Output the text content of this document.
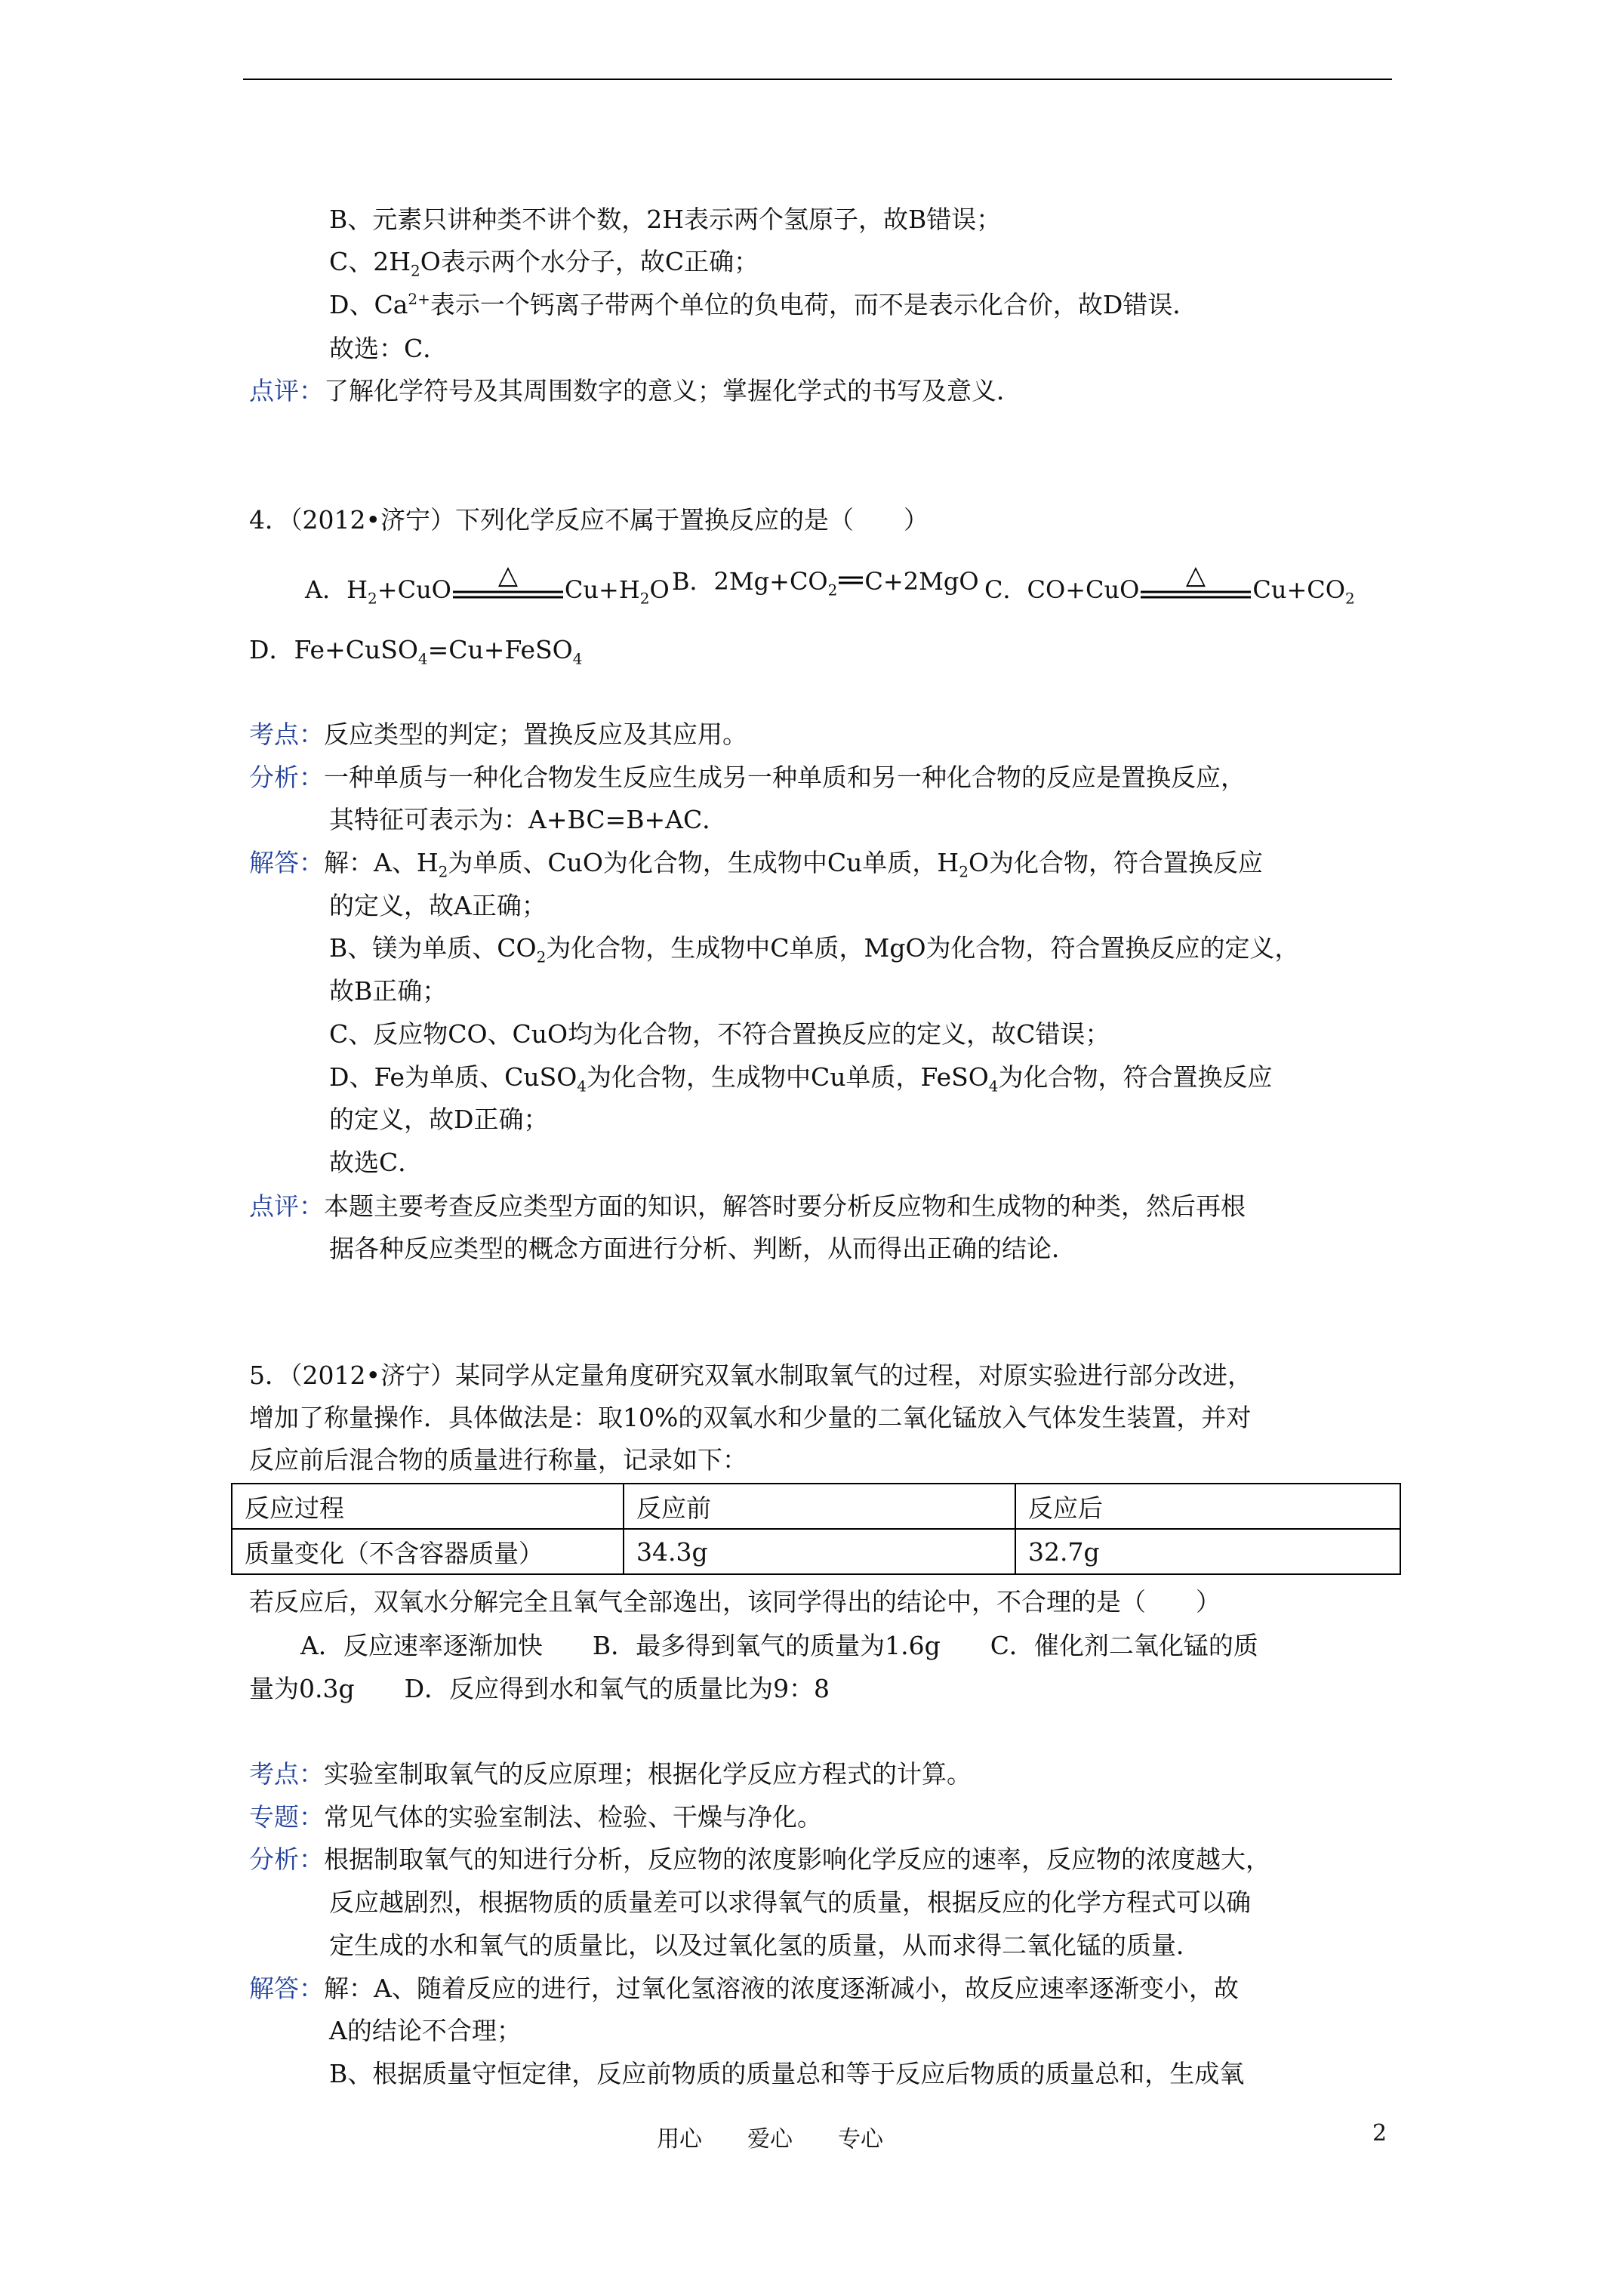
B、元素只讲种类不讲个数，2H表示两个氢原子，故B错误；
C、$2H_2O$表示两个水分子，故C正确；
D、$Ca^{2+}$表示一个钙离子带两个单位的负电荷，而不是表示化合价，故D错误．
故选：C．
点评：了解化学符号及其周围数字的意义；掌握化学式的书写及意义．
4．（2012•济宁）下列化学反应不属于置换反应的是（　　）
A．$H_2+CuO$ △ $Cu+H_2O$ B．$2Mg+CO_2$ C+2MgO C．CO+CuO △ $Cu+CO_2$
D．Fe+CuSO$_4$=Cu+FeSO$_4$
考点：反应类型的判定；置换反应及其应用。
分析：一种单质与一种化合物发生反应生成另一种单质和另一种化合物的反应是置换反应，
其特征可表示为：A+BC=B+AC．
解答：解：A、$H_2$为单质、CuO为化合物，生成物中Cu单质，$H_2O$为化合物，符合置换反应
的定义，故A正确；
B、镁为单质、$CO_2$为化合物，生成物中C单质，MgO为化合物，符合置换反应的定义，
故B正确；
C、反应物CO、CuO均为化合物，不符合置换反应的定义，故C错误；
D、Fe为单质、CuSO$_4$为化合物，生成物中Cu单质，FeSO$_4$为化合物，符合置换反应
的定义，故D正确；
故选C．
点评：本题主要考查反应类型方面的知识，解答时要分析反应物和生成物的种类，然后再根
据各种反应类型的概念方面进行分析、判断，从而得出正确的结论．
5．（2012•济宁）某同学从定量角度研究双氧水制取氧气的过程，对原实验进行部分改进，
增加了称量操作．具体做法是：取10%的双氧水和少量的二氧化锰放入气体发生装置，并对
反应前后混合物的质量进行称量，记录如下：
反应过程	反应前	反应后
质量变化（不含容器质量）	34.3g	32.7g
若反应后，双氧水分解完全且氧气全部逸出，该同学得出的结论中，不合理的是（　　）
A．反应速率逐渐加快　　B．最多得到氧气的质量为1.6g　　C．催化剂二氧化锰的质
量为0.3g　　D．反应得到水和氧气的质量比为9：8
考点：实验室制取氧气的反应原理；根据化学反应方程式的计算。
专题：常见气体的实验室制法、检验、干燥与净化。
分析：根据制取氧气的知进行分析，反应物的浓度影响化学反应的速率，反应物的浓度越大，
反应越剧烈，根据物质的质量差可以求得氧气的质量，根据反应的化学方程式可以确
定生成的水和氧气的质量比，以及过氧化氢的质量，从而求得二氧化锰的质量．
解答：解：A、随着反应的进行，过氧化氢溶液的浓度逐渐减小，故反应速率逐渐变小，故
A的结论不合理；
B、根据质量守恒定律，反应前物质的质量总和等于反应后物质的质量总和，生成氧
用心　　爱心　　专心	2
